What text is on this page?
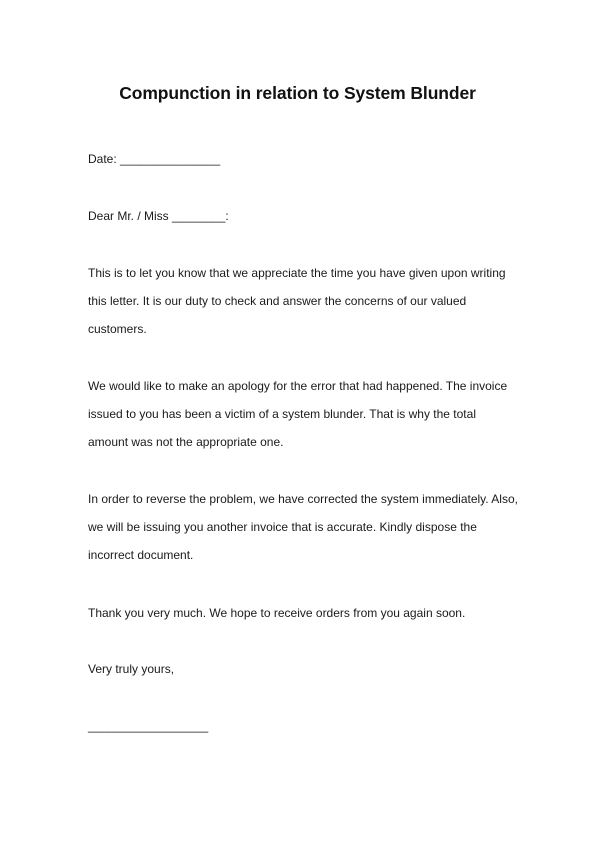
Compunction in relation to System Blunder
Date: _______________
Dear Mr. / Miss ________:
This is to let you know that we appreciate the time you have given upon writing
this letter. It is our duty to check and answer the concerns of our valued
customers.
We would like to make an apology for the error that had happened. The invoice
issued to you has been a victim of a system blunder. That is why the total
amount was not the appropriate one.
In order to reverse the problem, we have corrected the system immediately. Also,
we will be issuing you another invoice that is accurate. Kindly dispose the
incorrect document.
Thank you very much. We hope to receive orders from you again soon.
Very truly yours,
__________________
